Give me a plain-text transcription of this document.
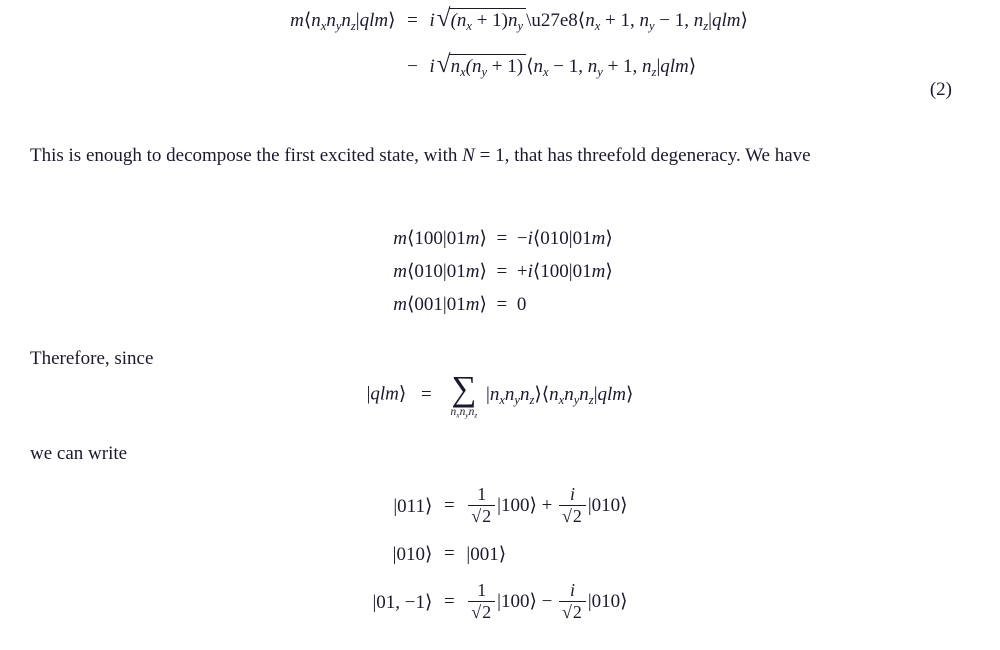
$m⟨n_xn_yn_z|qlm⟩ = i$ √ $(n_x + 1)n_y$ $\backslash u27e8⟨n_x + 1$, $n_y - 1$, $n_z|qlm⟩$
− i √ $n_x(n_y + 1)$ $⟨n_x - 1$, $n_y + 1$, $n_z|qlm⟩$
(2)
This is enough to decompose the first excited state, with N = 1, that has threefold degeneracy. We have
m⟨100|01m⟩ = −i⟨010|01m⟩
m⟨010|01m⟩ = +i⟨100|01m⟩
m⟨001|01m⟩ = 0
Therefore, since
|qlm⟩ = ∑
$n_xn_yn_z$
$|n_xn_yn_z⟩⟨n_xn_yn_z|qlm⟩$
we can write
|011⟩ = $\frac{1}{√2}$ |100⟩ + $\frac{i}{√2}$ |010⟩
|010⟩ = |001⟩
|01, −1⟩ = $\frac{1}{√2}$ |100⟩ − $\frac{i}{√2}$ |010⟩
